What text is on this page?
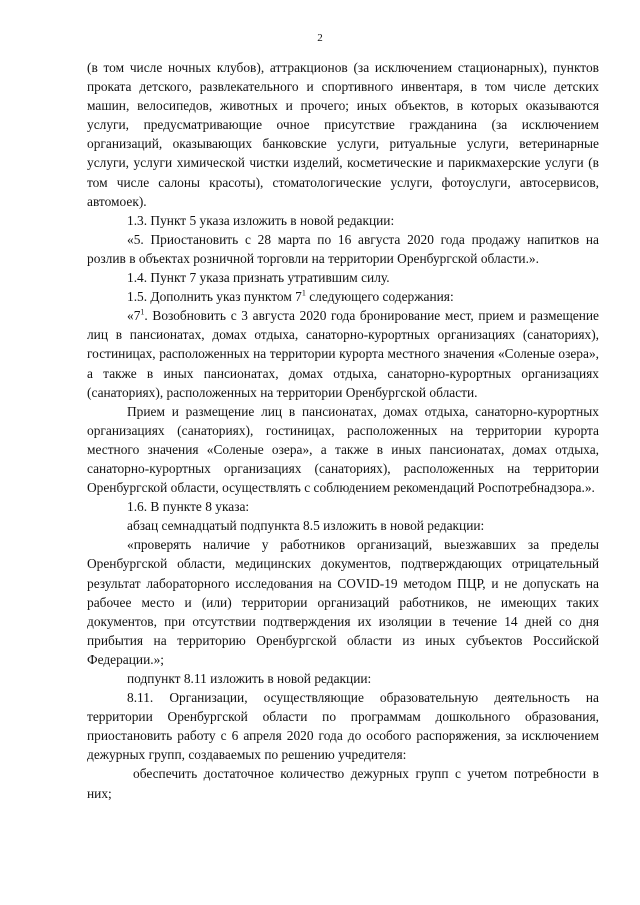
2

(в том числе ночных клубов), аттракционов (за исключением стационарных), пунктов проката детского, развлекательного и спортивного инвентаря, в том числе детских машин, велосипедов, животных и прочего; иных объектов, в которых оказываются услуги, предусматривающие очное присутствие гражданина (за исключением организаций, оказывающих банковские услуги, ритуальные услуги, ветеринарные услуги, услуги химической чистки изделий, косметические и парикмахерские услуги (в том числе салоны красоты), стоматологические услуги, фотоуслуги, автосервисов, автомоек).

1.3. Пункт 5 указа изложить в новой редакции:

«5. Приостановить с 28 марта по 16 августа 2020 года продажу напитков на розлив в объектах розничной торговли на территории Оренбургской области.».

1.4. Пункт 7 указа признать утратившим силу.

1.5. Дополнить указ пунктом $7^1$ следующего содержания:

«$7^1$. Возобновить с 3 августа 2020 года бронирование мест, прием и размещение лиц в пансионатах, домах отдыха, санаторно-курортных организациях (санаториях), гостиницах, расположенных на территории курорта местного значения «Соленые озера», а также в иных пансионатах, домах отдыха, санаторно-курортных организациях (санаториях), расположенных на территории Оренбургской области.

Прием и размещение лиц в пансионатах, домах отдыха, санаторно-курортных организациях (санаториях), гостиницах, расположенных на территории курорта местного значения «Соленые озера», а также в иных пансионатах, домах отдыха, санаторно-курортных организациях (санаториях), расположенных на территории Оренбургской области, осуществлять с соблюдением рекомендаций Роспотребнадзора.».

1.6. В пункте 8 указа:

абзац семнадцатый подпункта 8.5 изложить в новой редакции:

«проверять наличие у работников организаций, выезжавших за пределы Оренбургской области, медицинских документов, подтверждающих отрицательный результат лабораторного исследования на COVID-19 методом ПЦР, и не допускать на рабочее место и (или) территории организаций работников, не имеющих таких документов, при отсутствии подтверждения их изоляции в течение 14 дней со дня прибытия на территорию Оренбургской области из иных субъектов Российской Федерации.»;

подпункт 8.11 изложить в новой редакции:

8.11. Организации, осуществляющие образовательную деятельность на территории Оренбургской области по программам дошкольного образования, приостановить работу с 6 апреля 2020 года до особого распоряжения, за исключением дежурных групп, создаваемых по решению учредителя:

обеспечить достаточное количество дежурных групп с учетом потребности в них;
